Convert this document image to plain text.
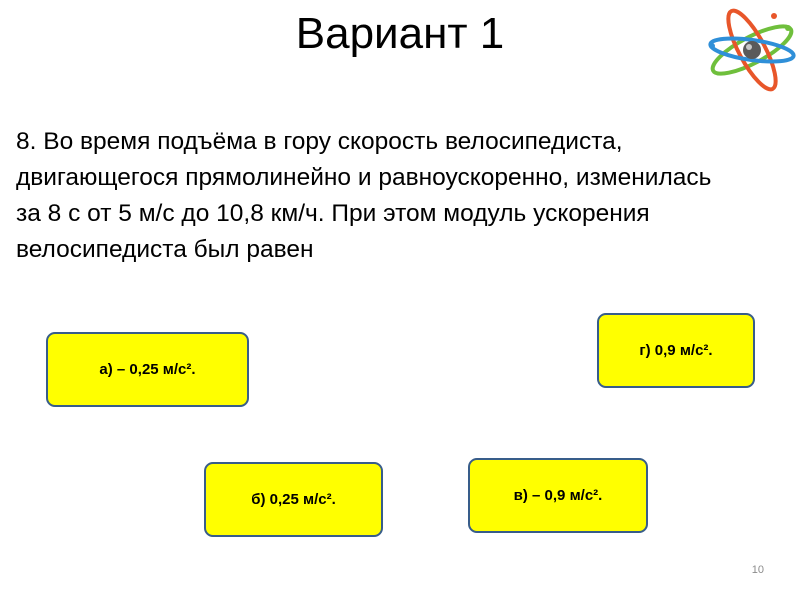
Вариант 1

8. Во время подъёма в гору скорость велосипедиста, двигающегося прямолинейно и равноускоренно, изменилась за 8 с от 5 м/с до 10,8 км/ч. При этом модуль ускорения велосипедиста был равен

а) – 0,25 м/с².
г) 0,9 м/с².
б) 0,25 м/с².	в) – 0,9 м/с².
10
